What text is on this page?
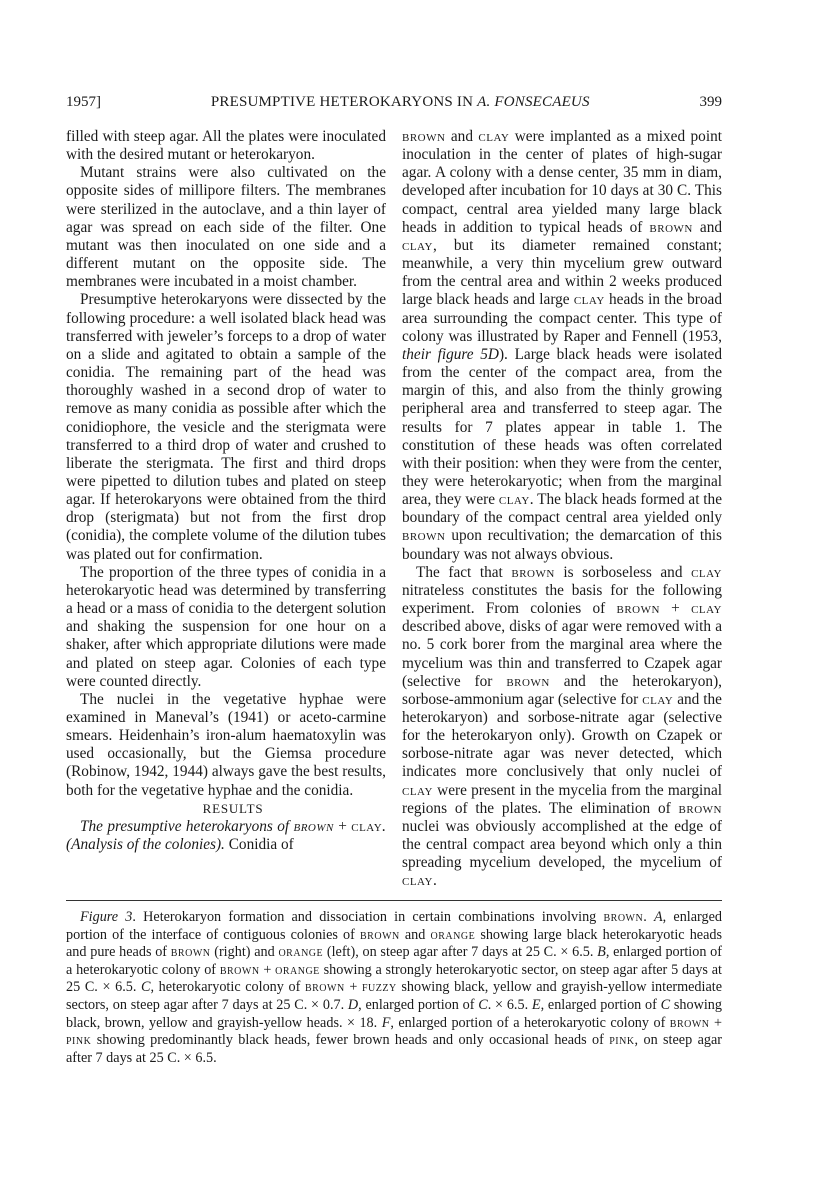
1957]	PRESUMPTIVE HETEROKARYONS IN A. FONSECAEUS	399

filled with steep agar. All the plates were inoculated with the desired mutant or heterokaryon.

Mutant strains were also cultivated on the opposite sides of millipore filters. The membranes were sterilized in the autoclave, and a thin layer of agar was spread on each side of the filter. One mutant was then inoculated on one side and a different mutant on the opposite side. The membranes were incubated in a moist chamber.

Presumptive heterokaryons were dissected by the following procedure: a well isolated black head was transferred with jeweler’s forceps to a drop of water on a slide and agitated to obtain a sample of the conidia. The remaining part of the head was thoroughly washed in a second drop of water to remove as many conidia as possible after which the conidiophore, the vesicle and the sterigmata were transferred to a third drop of water and crushed to liberate the sterigmata. The first and third drops were pipetted to dilution tubes and plated on steep agar. If heterokaryons were obtained from the third drop (sterigmata) but not from the first drop (conidia), the complete volume of the dilution tubes was plated out for confirmation.

The proportion of the three types of conidia in a heterokaryotic head was determined by transferring a head or a mass of conidia to the detergent solution and shaking the suspension for one hour on a shaker, after which appropriate dilutions were made and plated on steep agar. Colonies of each type were counted directly.

The nuclei in the vegetative hyphae were examined in Maneval’s (1941) or aceto-carmine smears. Heidenhain’s iron-alum haematoxylin was used occasionally, but the Giemsa procedure (Robinow, 1942, 1944) always gave the best results, both for the vegetative hyphae and the conidia.

RESULTS

The presumptive heterokaryons of brown + clay. (Analysis of the colonies). Conidia of

brown and clay were implanted as a mixed point inoculation in the center of plates of high-sugar agar. A colony with a dense center, 35 mm in diam, developed after incubation for 10 days at 30 C. This compact, central area yielded many large black heads in addition to typical heads of brown and clay, but its diameter remained constant; meanwhile, a very thin mycelium grew outward from the central area and within 2 weeks produced large black heads and large clay heads in the broad area surrounding the compact center. This type of colony was illustrated by Raper and Fennell (1953, their figure 5D). Large black heads were isolated from the center of the compact area, from the margin of this, and also from the thinly growing peripheral area and transferred to steep agar. The results for 7 plates appear in table 1. The constitution of these heads was often correlated with their position: when they were from the center, they were heterokaryotic; when from the marginal area, they were clay. The black heads formed at the boundary of the compact central area yielded only brown upon recultivation; the demarcation of this boundary was not always obvious.

The fact that brown is sorboseless and clay nitrateless constitutes the basis for the following experiment. From colonies of brown + clay described above, disks of agar were removed with a no. 5 cork borer from the marginal area where the mycelium was thin and transferred to Czapek agar (selective for brown and the heterokaryon), sorbose-ammonium agar (selective for clay and the heterokaryon) and sorbose-nitrate agar (selective for the heterokaryon only). Growth on Czapek or sorbose-nitrate agar was never detected, which indicates more conclusively that only nuclei of clay were present in the mycelia from the marginal regions of the plates. The elimination of brown nuclei was obviously accomplished at the edge of the central compact area beyond which only a thin spreading mycelium developed, the mycelium of clay.

Figure 3. Heterokaryon formation and dissociation in certain combinations involving brown. A, enlarged portion of the interface of contiguous colonies of brown and orange showing large black heterokaryotic heads and pure heads of brown (right) and orange (left), on steep agar after 7 days at 25 C. × 6.5. B, enlarged portion of a heterokaryotic colony of brown + orange showing a strongly heterokaryotic sector, on steep agar after 5 days at 25 C. × 6.5. C, heterokaryotic colony of brown + fuzzy showing black, yellow and grayish-yellow intermediate sectors, on steep agar after 7 days at 25 C. × 0.7. D, enlarged portion of C. × 6.5. E, enlarged portion of C showing black, brown, yellow and grayish-yellow heads. × 18. F, enlarged portion of a heterokaryotic colony of brown + pink showing predominantly black heads, fewer brown heads and only occasional heads of pink, on steep agar after 7 days at 25 C. × 6.5.
